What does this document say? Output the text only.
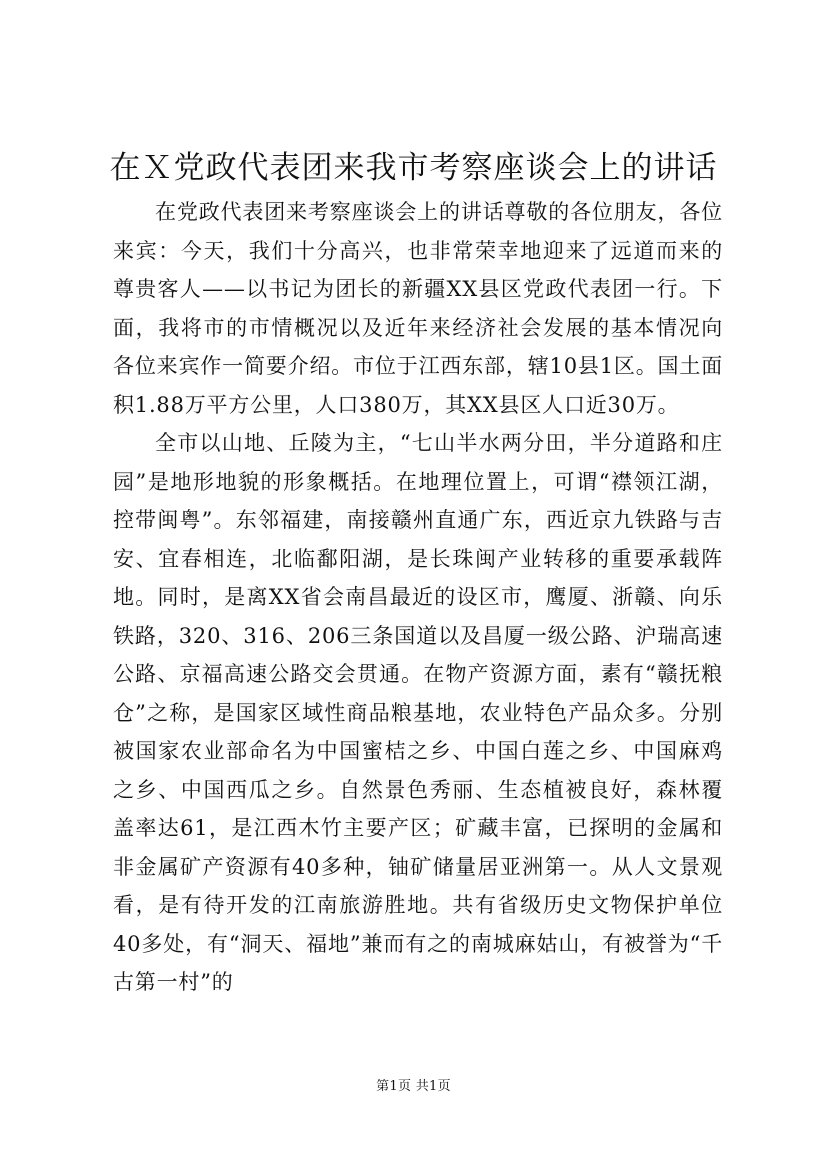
在Ｘ党政代表团来我市考察座谈会上的讲话

在党政代表团来考察座谈会上的讲话尊敬的各位朋友，各位来宾：今天，我们十分高兴，也非常荣幸地迎来了远道而来的尊贵客人——以书记为团长的新疆XX县区党政代表团一行。下面，我将市的市情概况以及近年来经济社会发展的基本情况向各位来宾作一简要介绍。市位于江西东部，辖10县1区。国土面积1.88万平方公里，人口380万，其XX县区人口近30万。

全市以山地、丘陵为主，“七山半水两分田，半分道路和庄园”是地形地貌的形象概括。在地理位置上，可谓“襟领江湖，控带闽粤”。东邻福建，南接赣州直通广东，西近京九铁路与吉安、宜春相连，北临鄱阳湖，是长珠闽产业转移的重要承载阵地。同时，是离XX省会南昌最近的设区市，鹰厦、浙赣、向乐铁路，320、316、206三条国道以及昌厦一级公路、沪瑞高速公路、京福高速公路交会贯通。在物产资源方面，素有“赣抚粮仓”之称，是国家区域性商品粮基地，农业特色产品众多。分别被国家农业部命名为中国蜜桔之乡、中国白莲之乡、中国麻鸡之乡、中国西瓜之乡。自然景色秀丽、生态植被良好，森林覆盖率达61，是江西木竹主要产区；矿藏丰富，已探明的金属和非金属矿产资源有40多种，铀矿储量居亚洲第一。从人文景观看，是有待开发的江南旅游胜地。共有省级历史文物保护单位40多处，有“洞天、福地”兼而有之的南城麻姑山，有被誉为“千古第一村”的

第1页 共1页
